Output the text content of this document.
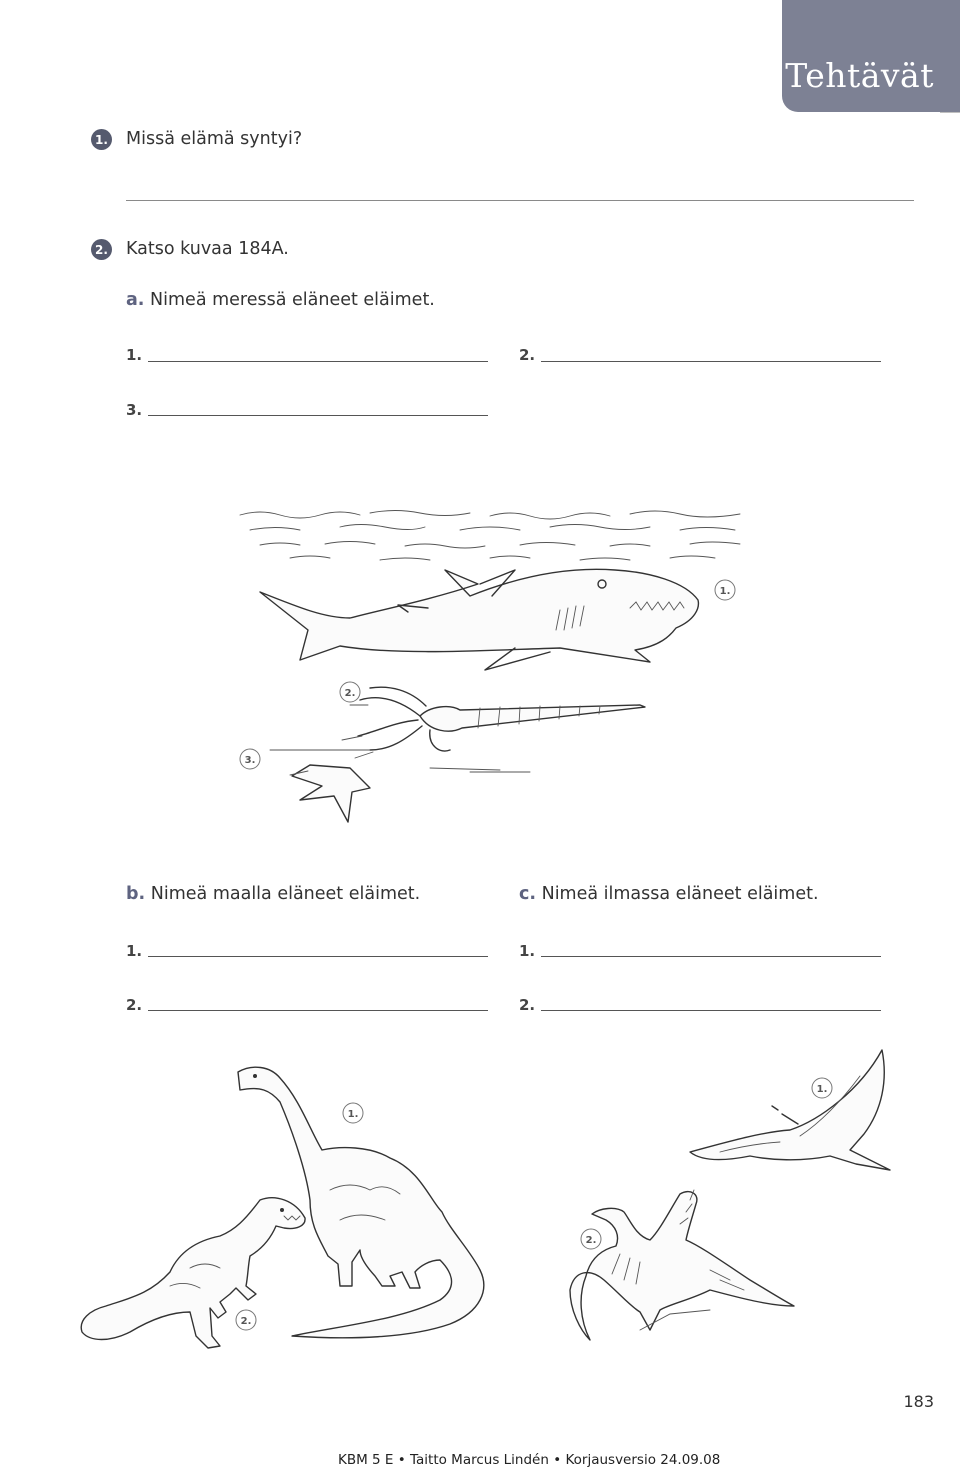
Tehtävät
1. Missä elämä syntyi?
2. Katso kuvaa 184A.
a. Nimeä meressä eläneet eläimet.
1.	2.
3.
1.
2.
3.
b. Nimeä maalla eläneet eläimet.
1.
2.
c. Nimeä ilmassa eläneet eläimet.
1.
2.
1.
2.
1.
2.
183
KBM 5 E • Taitto Marcus Lindén • Korjausversio 24.09.08
